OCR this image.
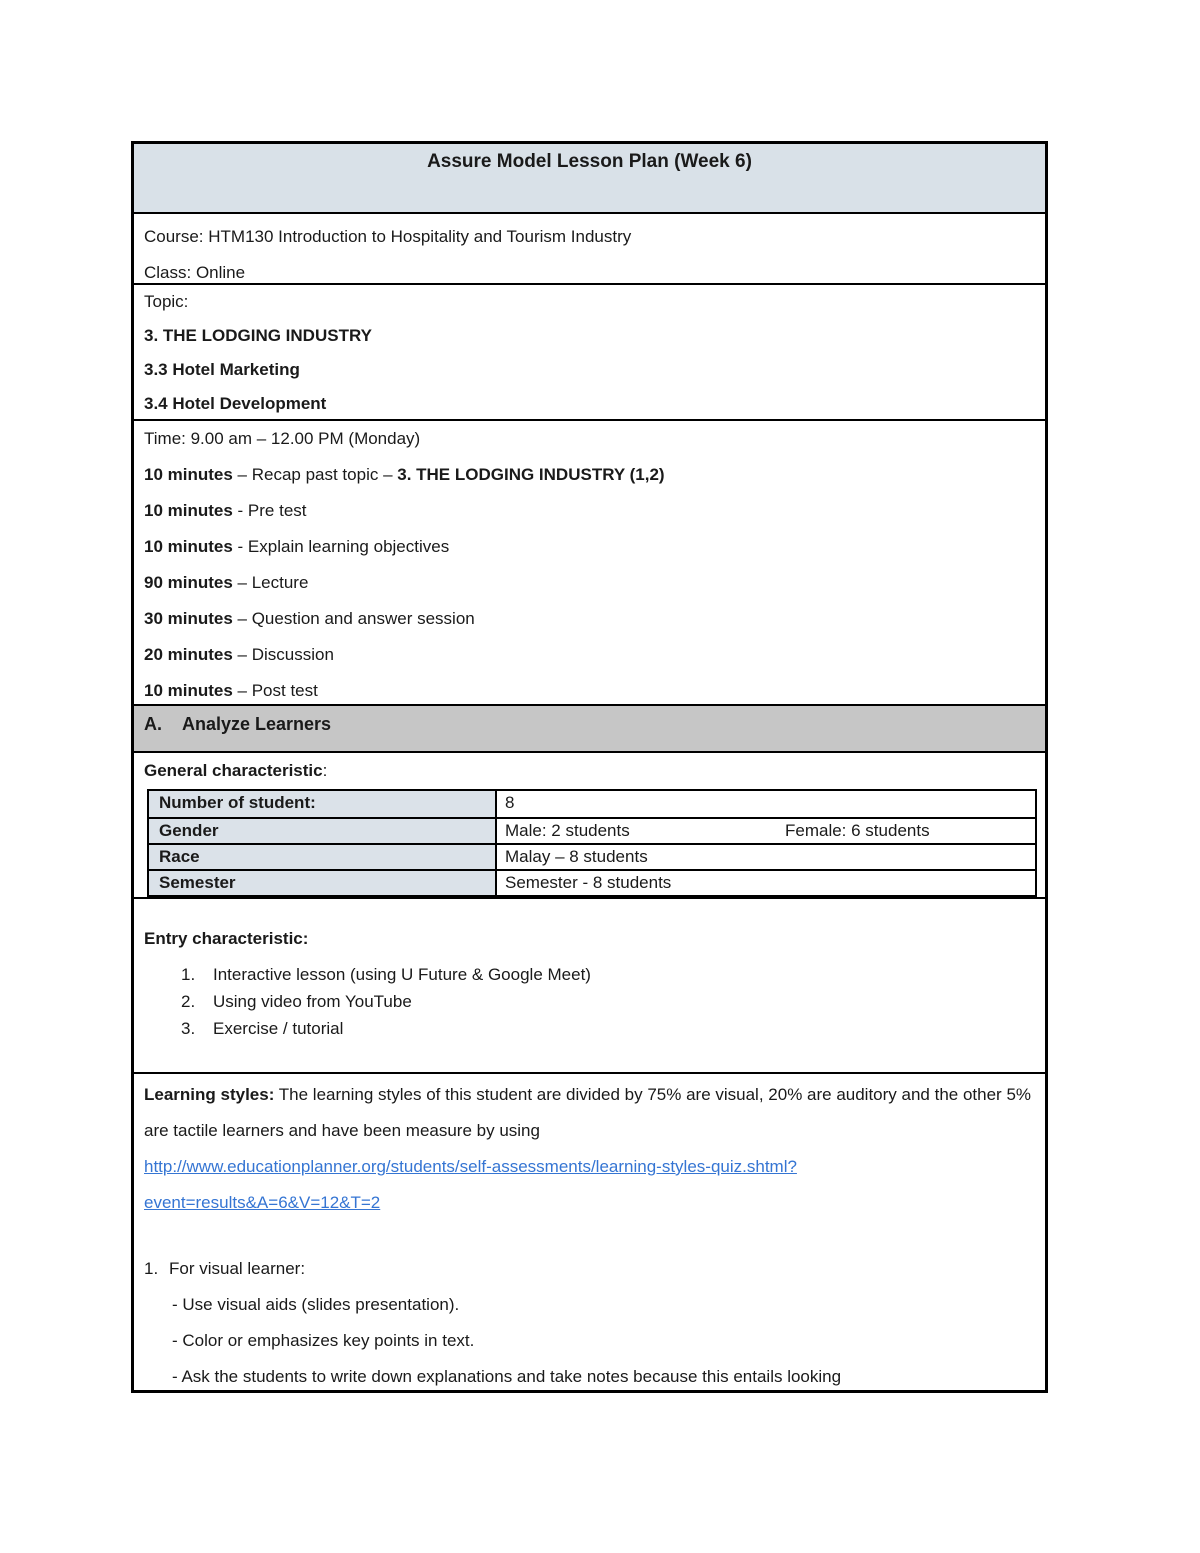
Assure Model Lesson Plan (Week 6)

Course: HTM130 Introduction to Hospitality and Tourism Industry

Class: Online

Topic:

3. THE LODGING INDUSTRY

3.3 Hotel Marketing

3.4 Hotel Development

Time: 9.00 am – 12.00 PM (Monday)

10 minutes – Recap past topic – 3. THE LODGING INDUSTRY (1,2)

10 minutes - Pre test

10 minutes - Explain learning objectives

90 minutes – Lecture

30 minutes – Question and answer session

20 minutes – Discussion

10 minutes – Post test

A. Analyze Learners

General characteristic:

Number of student:	8
Gender	Male: 2 students	Female: 6 students
Race	Malay – 8 students
Semester	Semester - 8 students

Entry characteristic:

1.	Interactive lesson (using U Future & Google Meet)
2.	Using video from YouTube
3.	Exercise / tutorial

Learning styles: The learning styles of this student are divided by 75% are visual, 20% are auditory and the other 5% are tactile learners and have been measure by using

http://www.educationplanner.org/students/self-assessments/learning-styles-quiz.shtml?
event=results&A=6&V=12&T=2

1. For visual learner:

- Use visual aids (slides presentation).

- Color or emphasizes key points in text.

- Ask the students to write down explanations and take notes because this entails looking
